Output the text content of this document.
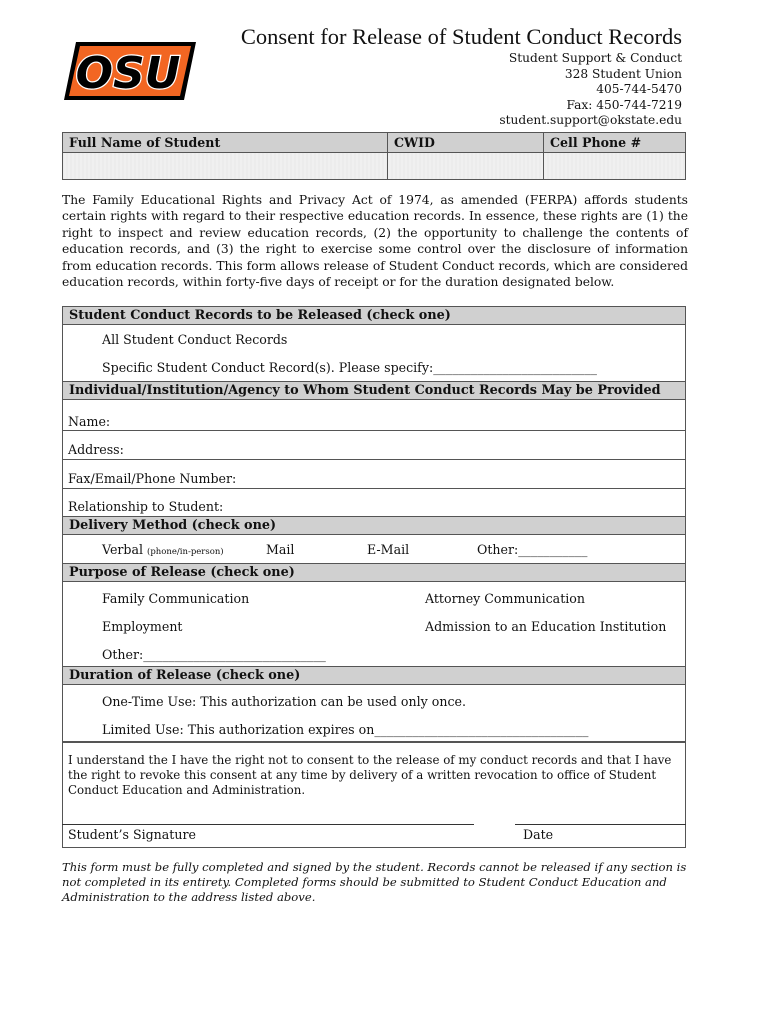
OSU
Consent for Release of Student Conduct Records
Student Support & Conduct
328 Student Union
405-744-5470
Fax: 450-744-7219
student.support@okstate.edu
Full Name of Student	CWID	Cell Phone #

The Family Educational Rights and Privacy Act of 1974, as amended (FERPA) affords students certain rights with regard to their respective education records. In essence, these rights are (1) the right to inspect and review education records, (2) the opportunity to challenge the contents of education records, and (3) the right to exercise some control over the disclosure of information from education records. This form allows release of Student Conduct records, which are considered education records, within forty-five days of receipt or for the duration designated below.
Student Conduct Records to be Released (check one)
All Student Conduct Records
Specific Student Conduct Record(s). Please specify:__________________________
Individual/Institution/Agency to Whom Student Conduct Records May be Provided
Name:
Address:
Fax/Email/Phone Number:
Relationship to Student:
Delivery Method (check one)
Verbal (phone/in-person)	Mail	E-Mail	Other:___________
Purpose of Release (check one)
Family Communication	Attorney Communication
Employment	Admission to an Education Institution
Other:_____________________________
Duration of Release (check one)
One-Time Use: This authorization can be used only once.
Limited Use: This authorization expires on__________________________________
I understand the I have the right not to consent to the release of my conduct records and that I have the right to revoke this consent at any time by delivery of a written revocation to office of Student Conduct Education and Administration.
Student’s Signature	Date
This form must be fully completed and signed by the student. Records cannot be released if any section is not completed in its entirety. Completed forms should be submitted to Student Conduct Education and Administration to the address listed above.
